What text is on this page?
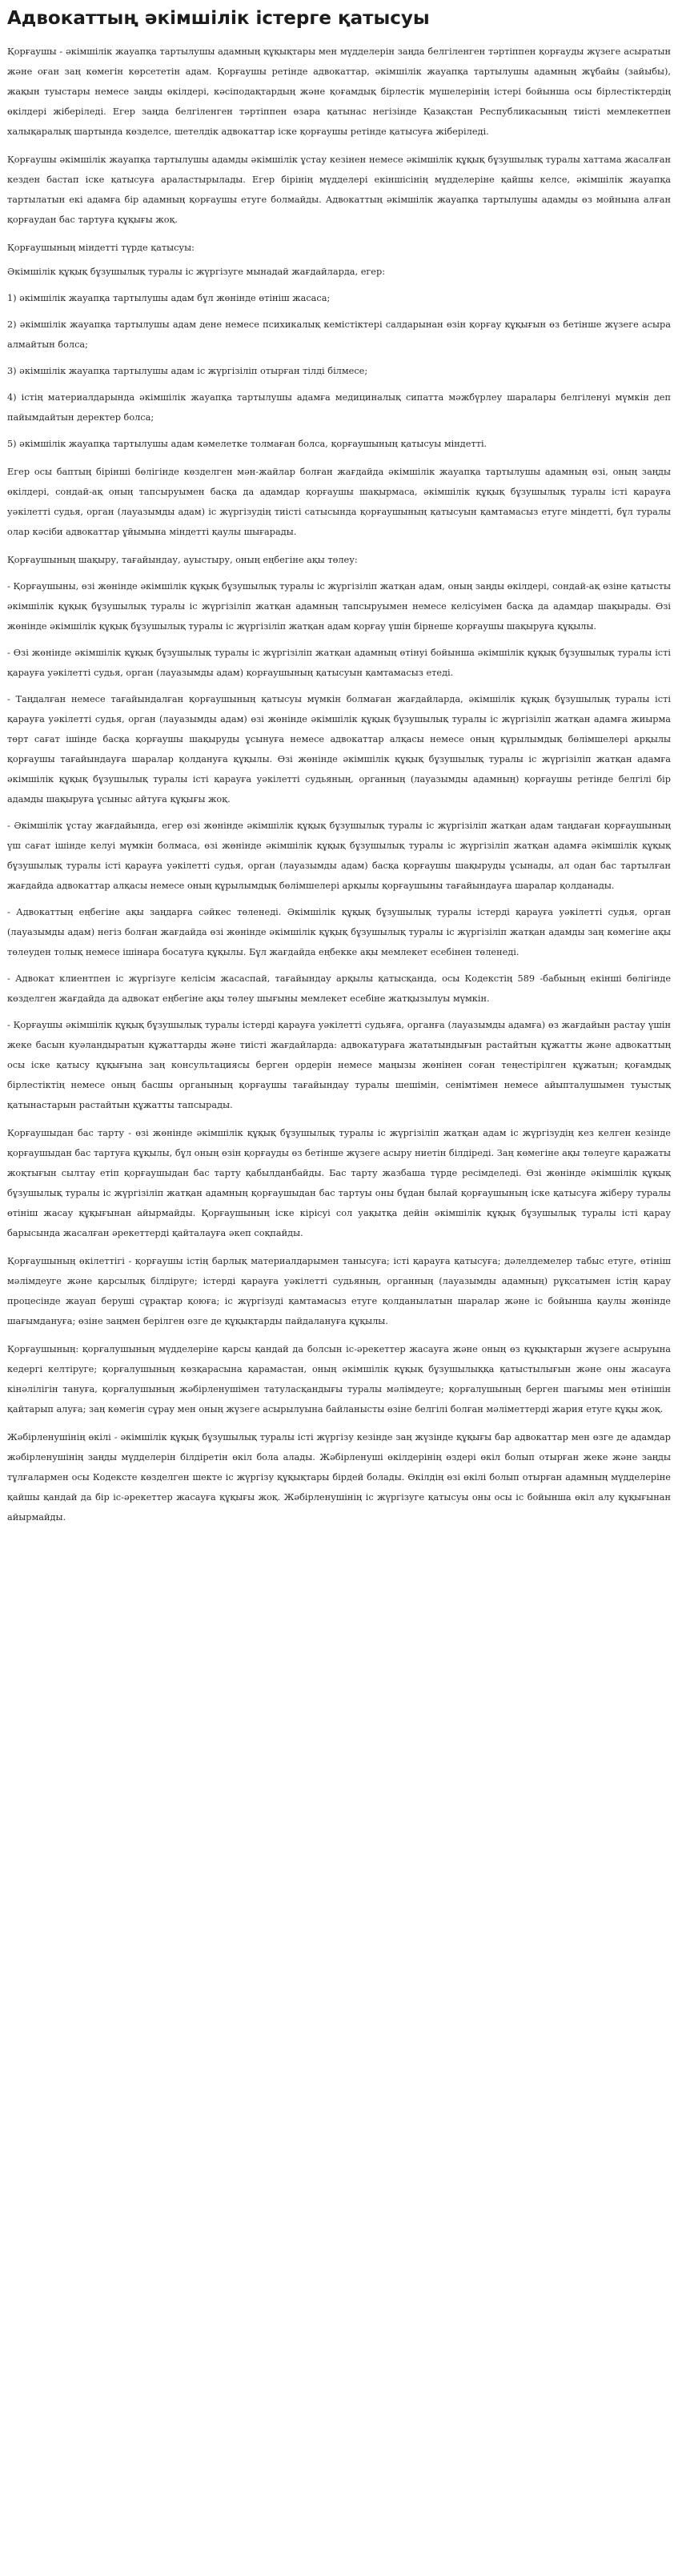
Адвокаттың әкімшілік істерге қатысуы

Қорғаушы - әкімшілік жауапқа тартылушы адамның құқықтары мен мүдделерін заңда белгіленген тәртіппен қорғауды жүзеге асыратын және оған заң көмегін көрсететін адам. Қорғаушы ретінде адвокаттар, әкімшілік жауапқа тартылушы адамның жұбайы (зайыбы), жақын туыстары немесе заңды өкілдері, кәсіподақтардың және қоғамдық бірлестік мүшелерінің істері бойынша осы бірлестіктердің өкілдері жіберіледі. Егер заңда белгіленген тәртіппен өзара қатынас негізінде Қазақстан Республикасының тиісті мемлекетпен халықаралық шартында көзделсе, шетелдік адвокаттар іске қорғаушы ретінде қатысуға жіберіледі.

Қорғаушы әкімшілік жауапқа тартылушы адамды әкімшілік ұстау кезінен немесе әкімшілік құқық бұзушылық туралы хаттама жасалған кезден бастап іске қатысуға араластырылады. Егер бірінің мүдделері екіншісінің мүдделеріне қайшы келсе, әкімшілік жауапқа тартылатын екі адамға бір адамның қорғаушы етуге болмайды. Адвокаттың әкімшілік жауапқа тартылушы адамды өз мойнына алған қорғаудан бас тартуға құқығы жоқ.

Қорғаушының міндетті түрде қатысуы:

Әкімшілік құқық бұзушылық туралы іс жүргізуге мынадай жағдайларда, егер:

1) әкімшілік жауапқа тартылушы адам бұл жөнінде өтініш жасаса;

2) әкімшілік жауапқа тартылушы адам дене немесе психикалық кемістіктері салдарынан өзін қорғау құқығын өз бетінше жүзеге асыра алмайтын болса;

3) әкімшілік жауапқа тартылушы адам іс жүргізіліп отырған тілді білмесе;

4) істің материалдарында әкімшілік жауапқа тартылушы адамға медициналық сипатта мәжбүрлеу шаралары белгіленуі мүмкін деп пайымдайтын деректер болса;

5) әкімшілік жауапқа тартылушы адам кәмелетке толмаған болса, қорғаушының қатысуы міндетті.

Егер осы баптың бірінші бөлігінде көзделген мән-жайлар болған жағдайда әкімшілік жауапқа тартылушы адамның өзі, оның заңды өкілдері, сондай-ақ оның тапсыруымен басқа да адамдар қорғаушы шақырмаса, әкімшілік құқық бұзушылық туралы істі қарауға уәкілетті судья, орган (лауазымды адам) іс жүргізудің тиісті сатысында қорғаушының қатысуын қамтамасыз етуге міндетті, бұл туралы олар кәсіби адвокаттар ұйымына міндетті қаулы шығарады.

Қорғаушының шақыру, тағайындау, ауыстыру, оның еңбегіне ақы төлеу:

- Қорғаушыны, өзі жөнінде әкімшілік құқық бұзушылық туралы іс жүргізіліп жатқан адам, оның заңды өкілдері, сондай-ақ өзіне қатысты әкімшілік құқық бұзушылық туралы іс жүргізіліп жатқан адамның тапсыруымен немесе келісуімен басқа да адамдар шақырады. Өзі жөнінде әкімшілік құқық бұзушылық туралы іс жүргізіліп жатқан адам қорғау үшін бірнеше қорғаушы шақыруға құқылы.

- Өзі жөнінде әкімшілік құқық бұзушылық туралы іс жүргізіліп жатқан адамның өтінуі бойынша әкімшілік құқық бұзушылық туралы істі қарауға уәкілетті судья, орган (лауазымды адам) қорғаушының қатысуын қамтамасыз етеді.

- Таңдалған немесе тағайындалған қорғаушының қатысуы мүмкін болмаған жағдайларда, әкімшілік құқық бұзушылық туралы істі қарауға уәкілетті судья, орган (лауазымды адам) өзі жөнінде әкімшілік құқық бұзушылық туралы іс жүргізіліп жатқан адамға жиырма төрт сағат ішінде басқа қорғаушы шақыруды ұсынуға немесе адвокаттар алқасы немесе оның құрылымдық бөлімшелері арқылы қорғаушы тағайындауға шаралар қолдануға құқылы. Өзі жөнінде әкімшілік құқық бұзушылық туралы іс жүргізіліп жатқан адамға әкімшілік құқық бұзушылық туралы істі қарауға уәкілетті судьяның, органның (лауазымды адамның) қорғаушы ретінде белгілі бір адамды шақыруға ұсыныс айтуға құқығы жоқ.

- Әкімшілік ұстау жағдайында, егер өзі жөнінде әкімшілік құқық бұзушылық туралы іс жүргізіліп жатқан адам таңдаған қорғаушының үш сағат ішінде келуі мүмкін болмаса, өзі жөнінде әкімшілік құқық бұзушылық туралы іс жүргізіліп жатқан адамға әкімшілік құқық бұзушылық туралы істі қарауға уәкілетті судья, орган (лауазымды адам) басқа қорғаушы шақыруды ұсынады, ал одан бас тартылған жағдайда адвокаттар алқасы немесе оның құрылымдық бөлімшелері арқылы қорғаушыны тағайындауға шаралар қолданады.

- Адвокаттың еңбегіне ақы заңдарға сәйкес төленеді. Әкімшілік құқық бұзушылық туралы істерді қарауға уәкілетті судья, орган (лауазымды адам) негіз болған жағдайда өзі жөнінде әкімшілік құқық бұзушылық туралы іс жүргізіліп жатқан адамды заң көмегіне ақы төлеуден толық немесе ішінара босатуға құқылы. Бұл жағдайда еңбекке ақы мемлекет есебінен төленеді.

- Адвокат клиентпен іс жүргізуге келісім жасаспай, тағайындау арқылы қатысқанда, осы Кодекстің 589 -бабының екінші бөлігінде көзделген жағдайда да адвокат еңбегіне ақы төлеу шығыны мемлекет есебіне жатқызылуы мүмкін.

- Қорғаушы әкімшілік құқық бұзушылық туралы істерді қарауға уәкілетті судьяға, органға (лауазымды адамға) өз жағдайын растау үшін жеке басын куәландыратын құжаттарды және тиісті жағдайларда: адвокатураға жататындығын растайтын құжатты және адвокаттың осы іске қатысу құқығына заң консультациясы берген ордерін немесе маңызы жөнінен соған теңестірілген құжатын; қоғамдық бірлестіктің немесе оның басшы органының қорғаушы тағайындау туралы шешімін, сенімтімен немесе айыпталушымен туыстық қатынастарын растайтын құжатты тапсырады.

Қорғаушыдан бас тарту - өзі жөнінде әкімшілік құқық бұзушылық туралы іс жүргізіліп жатқан адам іс жүргізудің кез келген кезінде қорғаушыдан бас тартуға құқылы, бұл оның өзін қорғауды өз бетінше жүзеге асыру ниетін білдіреді. Заң көмегіне ақы төлеуге қаражаты жоқтығын сылтау етіп қорғаушыдан бас тарту қабылданбайды. Бас тарту жазбаша түрде ресімделеді. Өзі жөнінде әкімшілік құқық бұзушылық туралы іс жүргізіліп жатқан адамның қорғаушыдан бас тартуы оны бұдан былай қорғаушының іске қатысуға жіберу туралы өтініш жасау құқығынан айырмайды. Қорғаушының іске кірісуі сол уақытқа дейін әкімшілік құқық бұзушылық туралы істі қарау барысында жасалған әрекеттерді қайталауға әкеп соқпайды.

Қорғаушының өкілеттігі - қорғаушы істің барлық материалдарымен танысуға; істі қарауға қатысуға; дәлелдемелер табыс етуге, өтініш мәлімдеуге және қарсылық білдіруге; істерді қарауға уәкілетті судьяның, органның (лауазымды адамның) рұқсатымен істің қарау процесінде жауап беруші сұрақтар қоюға; іс жүргізуді қамтамасыз етуге қолданылатын шаралар және іс бойынша қаулы жөнінде шағымдануға; өзіне заңмен берілген өзге де құқықтарды пайдалануға құқылы.

Қорғаушының: қорғалушының мүдделеріне қарсы қандай да болсын іс-әрекеттер жасауға және оның өз құқықтарын жүзеге асыруына кедергі келтіруге; қорғалушының көзқарасына қарамастан, оның әкімшілік құқық бұзушылыққа қатыстылығын және оны жасауға кінәлілігін тануға, қорғалушының жәбірленушімен татуласқандығы туралы мәлімдеуге; қорғалушының берген шағымы мен өтінішін қайтарып алуға; заң көмегін сұрау мен оның жүзеге асырылуына байланысты өзіне белгілі болған мәліметтерді жария етуге құқы жоқ.

Жәбірленушінің өкілі - әкімшілік құқық бұзушылық туралы істі жүргізу кезінде заң жүзінде құқығы бар адвокаттар мен өзге де адамдар жәбірленушінің заңды мүдделерін білдіретін өкіл бола алады. Жәбірленуші өкілдерінің өздері өкіл болып отырған жеке және заңды тұлғалармен осы Кодексте көзделген шекте іс жүргізу құқықтары бірдей болады. Өкілдің өзі өкілі болып отырған адамның мүдделеріне қайшы қандай да бір іс-әрекеттер жасауға құқығы жоқ. Жәбірленушінің іс жүргізуге қатысуы оны осы іс бойынша өкіл алу құқығынан айырмайды.
